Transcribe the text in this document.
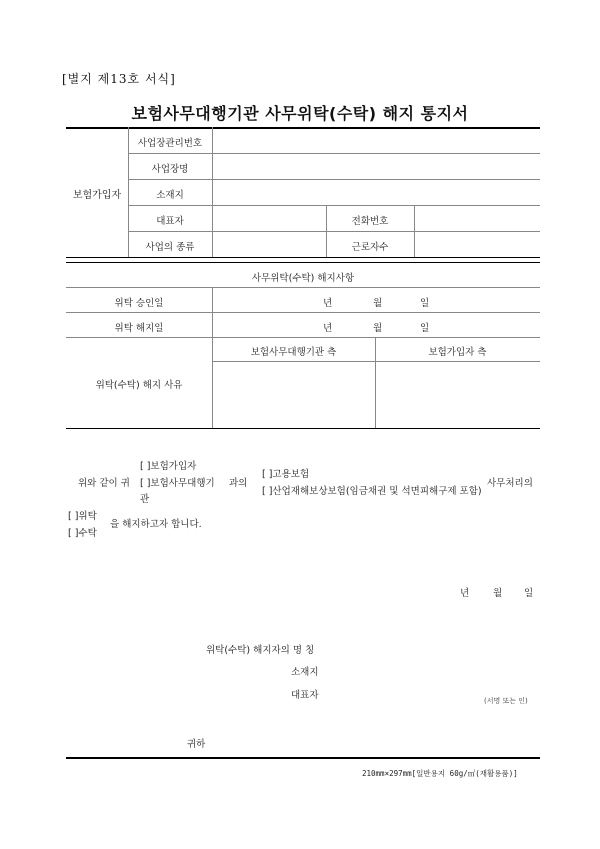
[별지 제13호 서식]
보험사무대행기관 사무위탁(수탁) 해지 통지서
보험가입자
사업장관리번호
사업장명
소재지
대표자	전화번호
사업의 종류	근로자수
사무위탁(수탁) 해지사항
위탁 승인일	년	월	일
위탁 해지일	년	월	일
위탁(수탁) 해지 사유
보험사무대행기관 측	보험가입자 측
위와 같이 귀
[ ]보험가입자
[ ]보험사무대행기
관
과의
[ ]고용보험
[ ]산업재해보상보험(임금채권 및 석면피해구제 포함)
사무처리의
[ ]위탁
[ ]수탁
을 해지하고자 합니다.
년	월 일
위탁(수탁) 해지자의 명 칭
소재지
대표자	(서명 또는 인)
귀하
210mm×297mm[일반용지 60g/㎡(재활용품)]
